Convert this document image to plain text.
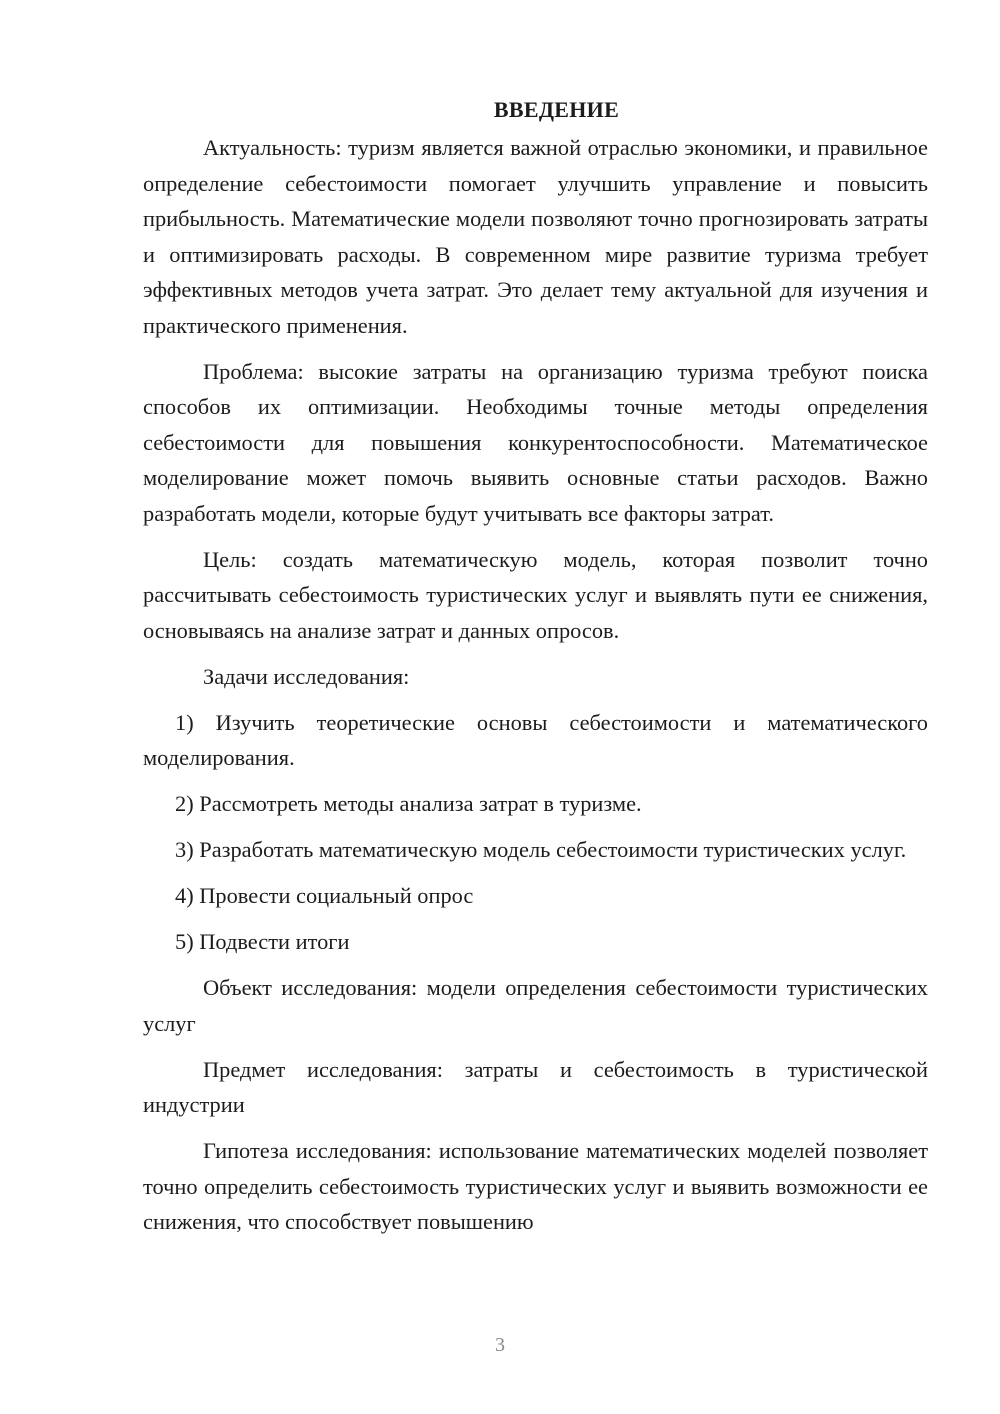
ВВЕДЕНИЕ

Актуальность: туризм является важной отраслью экономики, и правильное определение себестоимости помогает улучшить управление и повысить прибыльность. Математические модели позволяют точно прогнозировать затраты и оптимизировать расходы. В современном мире развитие туризма требует эффективных методов учета затрат. Это делает тему актуальной для изучения и практического применения.

Проблема: высокие затраты на организацию туризма требуют поиска способов их оптимизации. Необходимы точные методы определения себестоимости для повышения конкурентоспособности. Математическое моделирование может помочь выявить основные статьи расходов. Важно разработать модели, которые будут учитывать все факторы затрат.

Цель: создать математическую модель, которая позволит точно рассчитывать себестоимость туристических услуг и выявлять пути ее снижения, основываясь на анализе затрат и данных опросов.

Задачи исследования:

1) Изучить теоретические основы себестоимости и математического моделирования.

2) Рассмотреть методы анализа затрат в туризме.

3) Разработать математическую модель себестоимости туристических услуг.

4) Провести социальный опрос

5) Подвести итоги

Объект исследования: модели определения себестоимости туристических услуг

Предмет исследования: затраты и себестоимость в туристической индустрии

Гипотеза исследования: использование математических моделей позволяет точно определить себестоимость туристических услуг и выявить возможности ее снижения, что способствует повышению

3
